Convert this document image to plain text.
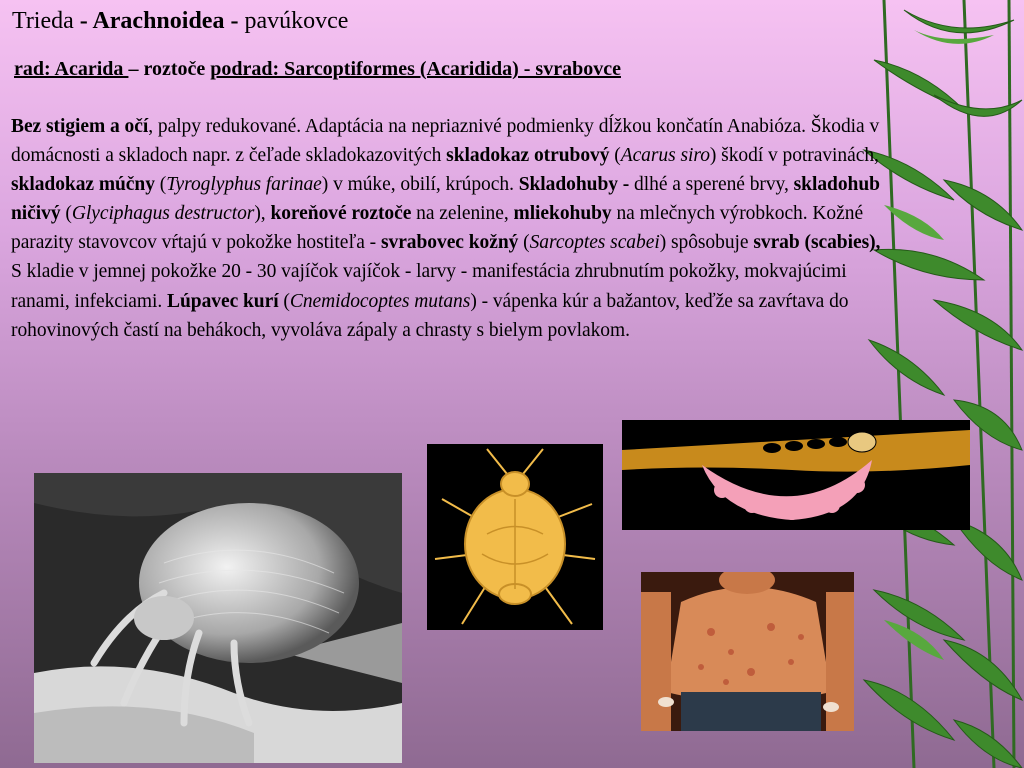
Trieda - Arachnoidea - pavúkovce
rad: Acarida – roztoče podrad: Sarcoptiformes (Acaridida) - svrabovce
Bez stigiem a očí, palpy redukované. Adaptácia na nepriaznivé podmienky dĺžkou končatín Anabióza. Škodia v domácnosti a skladoch napr. z čeľade skladokazovitých skladokaz otrubový (Acarus siro) škodí v potravinách, skladokaz múčny (Tyroglyphus farinae) v múke, obilí, krúpoch. Skladohuby - dlhé a sperené brvy, skladohub ničivý (Glyciphagus destructor), koreňové roztoče na zelenine, mliekohuby na mlečnych výrobkoch. Kožné parazity stavovcov vŕtajú v pokožke hostiteľa - svrabovec kožný (Sarcoptes scabei) spôsobuje svrab (scabies), S kladie v jemnej pokožke 20 - 30 vajíčok vajíčok - larvy - manifestácia zhrubnutím pokožky, mokvajúcimi ranami, infekciami. Lúpavec kurí (Cnemidocoptes mutans) - vápenka kúr a bažantov, keďže sa zavŕtava do rohovinových častí na behákoch, vyvoláva zápaly a chrasty s bielym povlakom.
